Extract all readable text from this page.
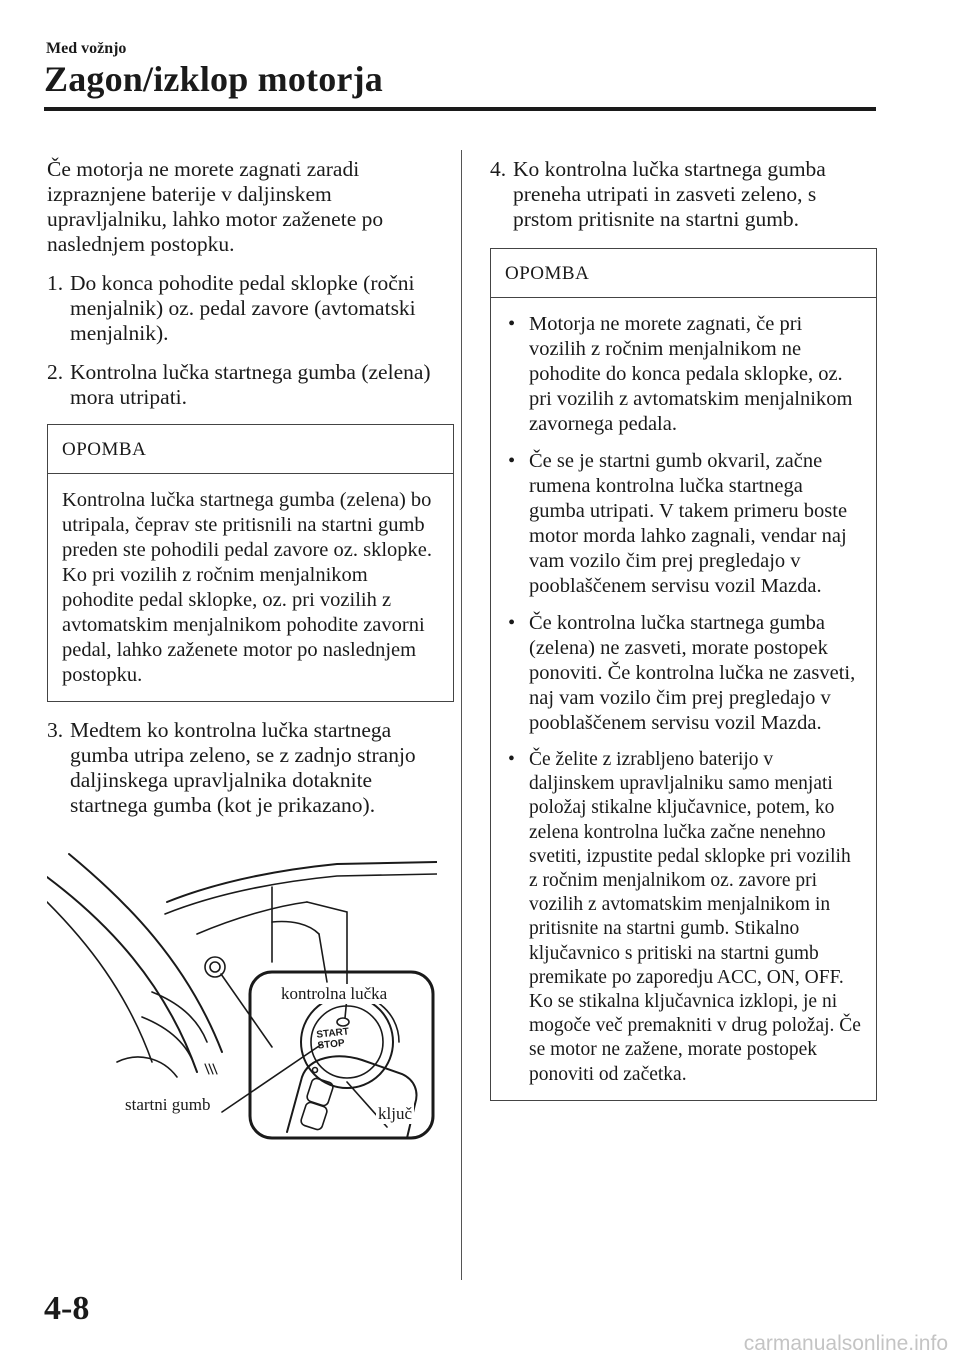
Med vožnjo
Zagon/izklop motorja

Če motorja ne morete zagnati zaradi izpraznjene baterije v daljinskem upravljalniku, lahko motor zaženete po naslednjem postopku.

1. Do konca pohodite pedal sklopke (ročni menjalnik) oz. pedal zavore (avtomatski menjalnik).
2. Kontrolna lučka startnega gumba (zelena) mora utripati.
OPOMBA
Kontrolna lučka startnega gumba (zelena) bo utripala, čeprav ste pritisnili na startni gumb preden ste pohodili pedal zavore oz. sklopke. Ko pri vozilih z ročnim menjalnikom pohodite pedal sklopke, oz. pri vozilih z avtomatskim menjalnikom pohodite zavorni pedal, lahko zaženete motor po naslednjem postopku.
3. Medtem ko kontrolna lučka startnega gumba utripa zeleno, se z zadnjo stranjo daljinskega upravljalnika dotaknite startnega gumba (kot je prikazano).
START
STOP
kontrolna lučka
startni gumb	ključ
4. Ko kontrolna lučka startnega gumba preneha utripati in zasveti zeleno, s prstom pritisnite na startni gumb.
OPOMBA
• Motorja ne morete zagnati, če pri vozilih z ročnim menjalnikom ne pohodite do konca pedala sklopke, oz. pri vozilih z avtomatskim menjalnikom zavornega pedala.
• Če se je startni gumb okvaril, začne rumena kontrolna lučka startnega gumba utripati. V takem primeru boste motor morda lahko zagnali, vendar naj vam vozilo čim prej pregledajo v pooblaščenem servisu vozil Mazda.
• Če kontrolna lučka startnega gumba (zelena) ne zasveti, morate postopek ponoviti. Če kontrolna lučka ne zasveti, naj vam vozilo čim prej pregledajo v pooblaščenem servisu vozil Mazda.
• Če želite z izrabljeno baterijo v daljinskem upravljalniku samo menjati položaj stikalne ključavnice, potem, ko zelena kontrolna lučka začne nenehno svetiti, izpustite pedal sklopke pri vozilih z ročnim menjalnikom oz. zavore pri vozilih z avtomatskim menjalnikom in pritisnite na startni gumb. Stikalno ključavnico s pritiski na startni gumb premikate po zaporedju ACC, ON, OFF. Ko se stikalna ključavnica izklopi, je ni mogoče več premakniti v drug položaj. Če se motor ne zažene, morate postopek ponoviti od začetka.
4-8
carmanualsonline.info
